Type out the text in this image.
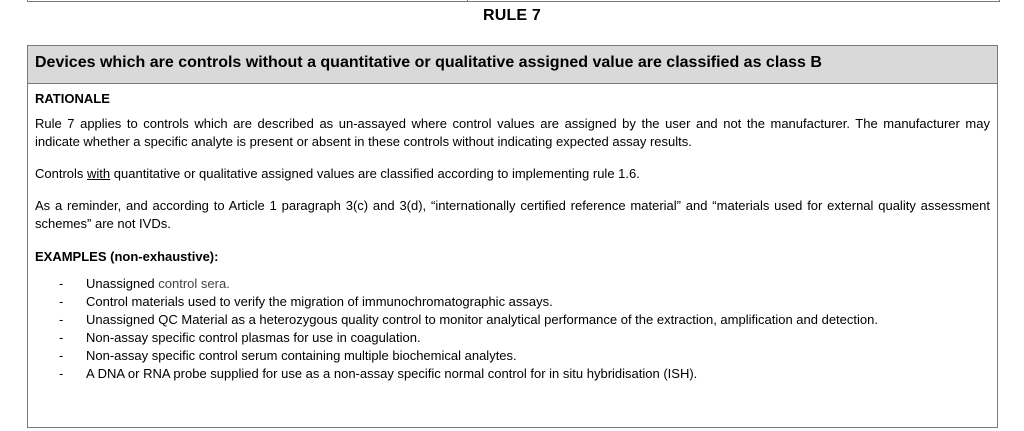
RULE 7
Devices which are controls without a quantitative or qualitative assigned value are classified as class B

RATIONALE

Rule 7 applies to controls which are described as un-assayed where control values are assigned by the user and not the manufacturer. The manufacturer may indicate whether a specific analyte is present or absent in these controls without indicating expected assay results.

Controls with quantitative or qualitative assigned values are classified according to implementing rule 1.6.

As a reminder, and according to Article 1 paragraph 3(c) and 3(d), “internationally certified reference material” and “materials used for external quality assessment schemes” are not IVDs.

EXAMPLES (non-exhaustive):

- Unassigned control sera.
- Control materials used to verify the migration of immunochromatographic assays.
- Unassigned QC Material as a heterozygous quality control to monitor analytical performance of the extraction, amplification and detection.
- Non-assay specific control plasmas for use in coagulation.
- Non-assay specific control serum containing multiple biochemical analytes.
- A DNA or RNA probe supplied for use as a non-assay specific normal control for in situ hybridisation (ISH).
